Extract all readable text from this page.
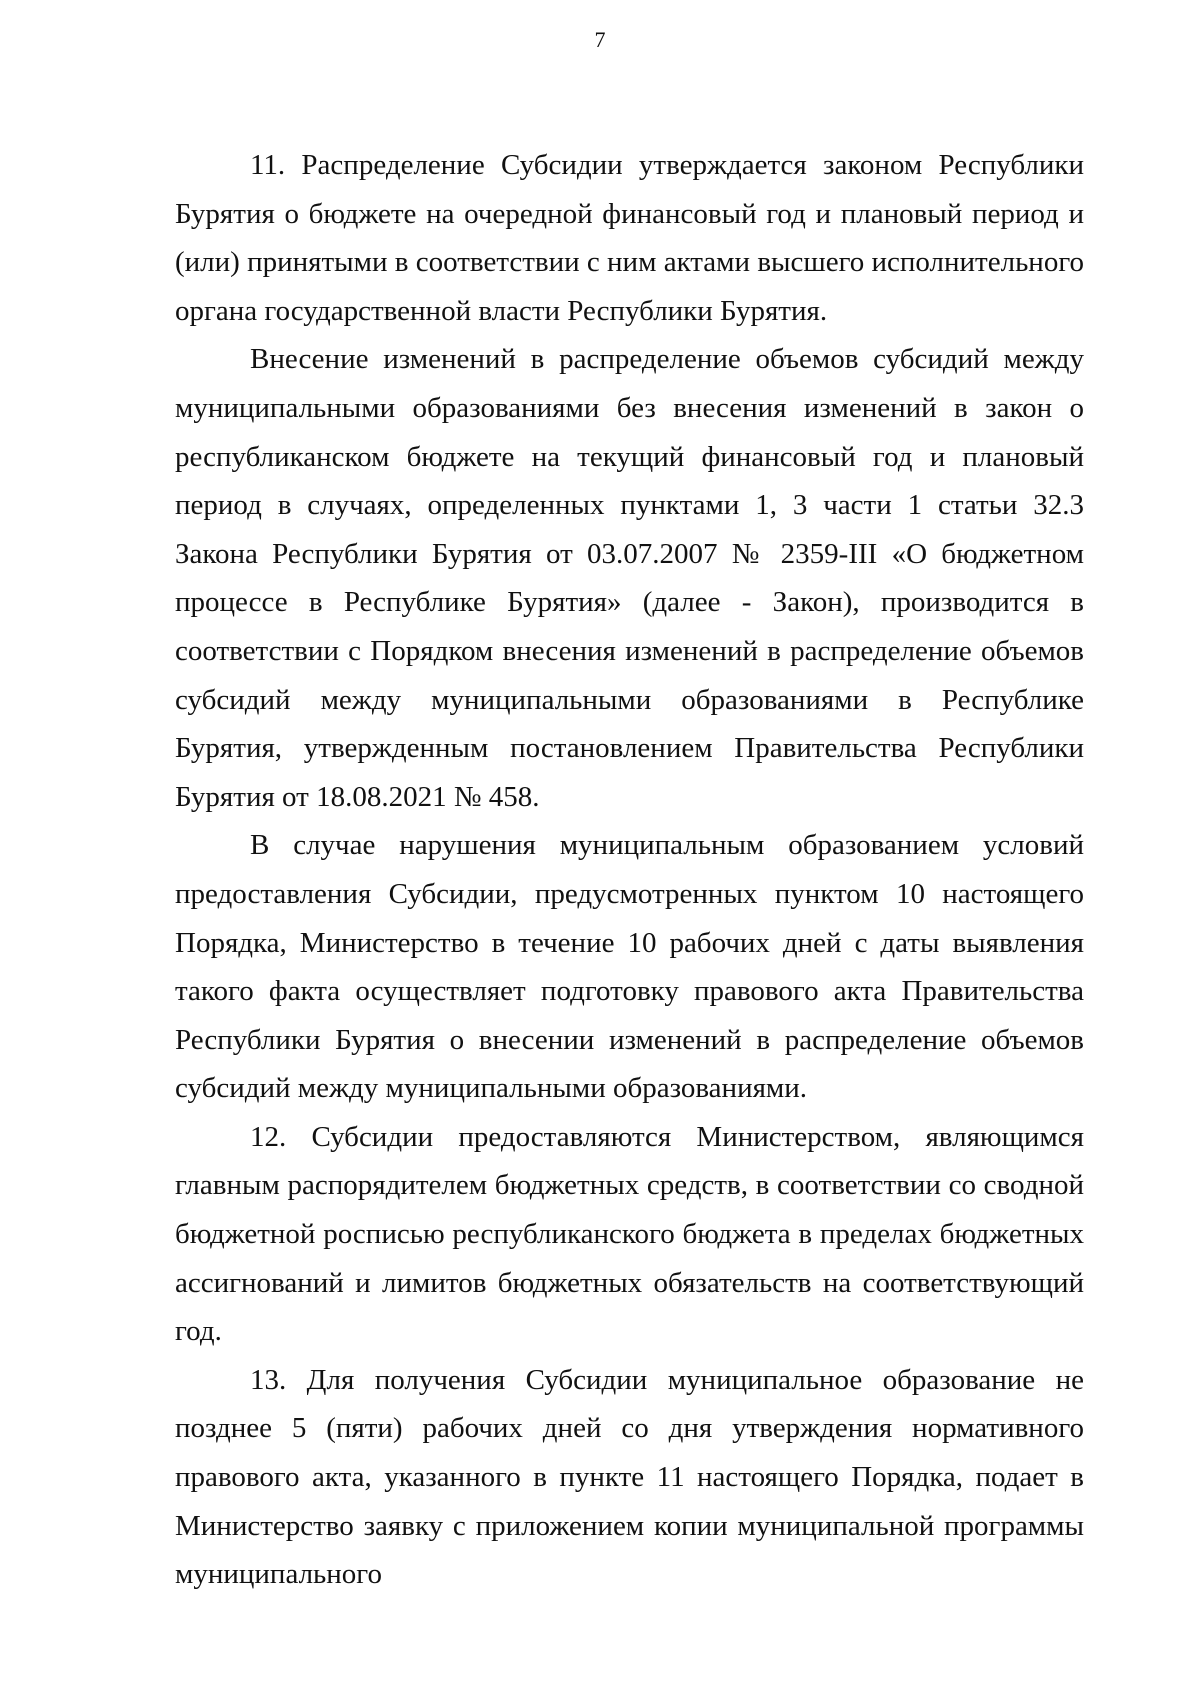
7

11. Распределение Субсидии утверждается законом Республики Бурятия о бюджете на очередной финансовый год и плановый период и (или) принятыми в соответствии с ним актами высшего исполнительного органа государственной власти Республики Бурятия.

Внесение изменений в распределение объемов субсидий между муниципальными образованиями без внесения изменений в закон о республиканском бюджете на текущий финансовый год и плановый период в случаях, определенных пунктами 1, 3 части 1 статьи 32.3 Закона Республики Бурятия от 03.07.2007 № 2359-III «О бюджетном процессе в Республике Бурятия» (далее - Закон), производится в соответствии с Порядком внесения изменений в распределение объемов субсидий между муниципальными образованиями в Республике Бурятия, утвержденным постановлением Правительства Республики Бурятия от 18.08.2021 № 458.

В случае нарушения муниципальным образованием условий предоставления Субсидии, предусмотренных пунктом 10 настоящего Порядка, Министерство в течение 10 рабочих дней с даты выявления такого факта осуществляет подготовку правового акта Правительства Республики Бурятия о внесении изменений в распределение объемов субсидий между муниципальными образованиями.

12. Субсидии предоставляются Министерством, являющимся главным распорядителем бюджетных средств, в соответствии со сводной бюджетной росписью республиканского бюджета в пределах бюджетных ассигнований и лимитов бюджетных обязательств на соответствующий год.

13. Для получения Субсидии муниципальное образование не позднее 5 (пяти) рабочих дней со дня утверждения нормативного правового акта, указанного в пункте 11 настоящего Порядка, подает в Министерство заявку с приложением копии муниципальной программы муниципального
